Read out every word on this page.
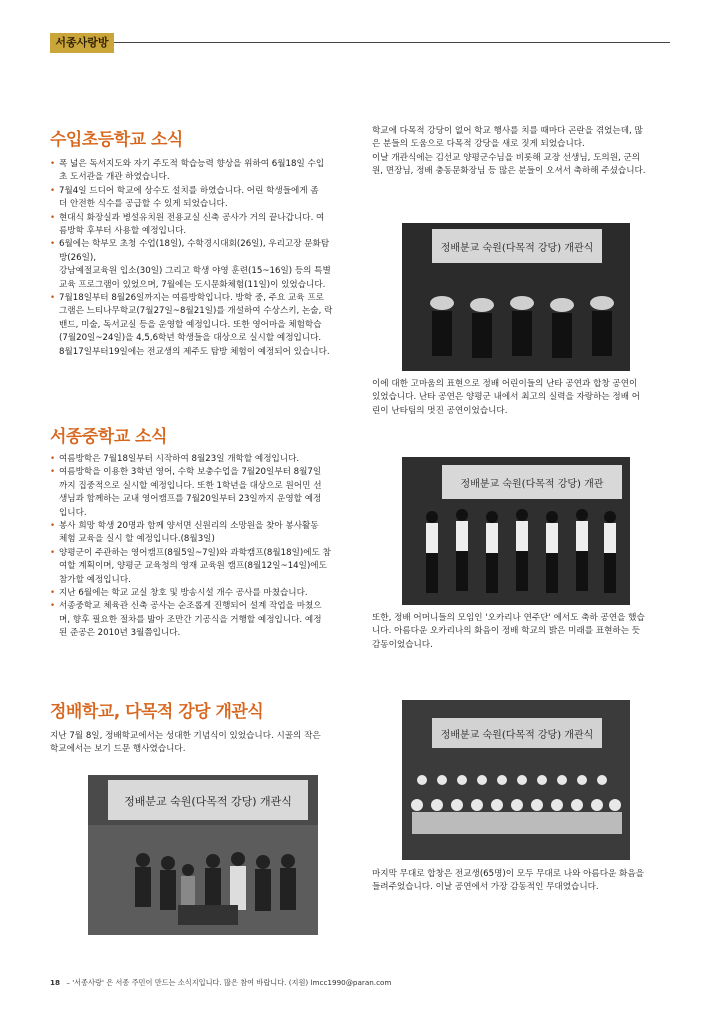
서종사랑방
수입초등학교 소식
• 폭 넓은 독서지도와 자기 주도적 학습능력 향상을 위하여 6월18일 수입
초 도서관을 개관 하였습니다.
• 7월4일 드디어 학교에 상수도 설치를 하였습니다. 어린 학생들에게 좀
더 안전한 식수를 공급할 수 있게 되었습니다.
• 현대식 화장실과 병설유치원 전용교실 신축 공사가 거의 끝나갑니다. 여
름방학 후부터 사용할 예정입니다.
• 6월에는 학부모 초청 수업(18일), 수학경시대회(26일), 우리고장 문화탐
방(26일),
강남예절교육원 입소(30일) 그리고 학생 야영 훈련(15~16일) 등의 특별
교육 프로그램이 있었으며, 7월에는 도시문화체험(11일)이 있었습니다.
• 7월18일부터 8월26일까지는 여름방학입니다. 방학 중, 주요 교육 프로
그램은 느티나무학교(7월27일~8월21일)를 개설하여 수상스키, 논술, 락
밴드, 미술, 독서교실 등을 운영할 예정입니다. 또한 영어마을 체험학습
(7월20일~24일)을 4,5,6학년 학생들을 대상으로 실시할 예정입니다.
8월17일부터19일에는 전교생의 제주도 탐방 체험이 예정되어 있습니다.
서종중학교 소식
• 여름방학은 7월18일부터 시작하여 8월23일 개학할 예정입니다.
• 여름방학을 이용한 3학년 영어, 수학 보충수업을 7월20일부터 8월7일
까지 집중적으로 실시할 예정입니다. 또한 1학년을 대상으로 원어민 선
생님과 함께하는 교내 영어캠프를 7월20일부터 23일까지 운영할 예정
입니다.
• 봉사 희망 학생 20명과 함께 양서면 신원리의 소망원을 찾아 봉사활동
체험 교육을 실시 할 예정입니다.(8월3일)
• 양평군이 주관하는 영어캠프(8월5일~7일)와 과학캠프(8월18일)에도 참
여할 계획이며, 양평군 교육청의 영재 교육원 캠프(8월12일~14일)에도
참가할 예정입니다.
• 지난 6월에는 학교 교실 창호 및 방송시설 개수 공사를 마쳤습니다.
• 서종중학교 체육관 신축 공사는 순조롭게 진행되어 설계 작업을 마쳤으
며, 향후 필요한 절차를 밟아 조만간 기공식을 거행할 예정입니다. 예정
된 준공은 2010년 3월쯤입니다.
정배학교, 다목적 강당 개관식

지난 7월 8일, 정배학교에서는 성대한 기념식이 있었습니다. 시골의 작은

학교에서는 보기 드문 행사였습니다.

정배분교 숙원(다목적 강당) 개관식

학교에 다목적 강당이 없어 학교 행사를 치를 때마다 곤란을 겪었는데, 많

은 분들의 도움으로 다목적 강당을 새로 짓게 되었습니다.

이날 개관식에는 김선교 양평군수님을 비롯해 교장 선생님, 도의원, 군의

원, 면장님, 정배 충동문화장님 등 많은 분들이 오셔서 축하해 주셨습니다.

정배분교 숙원(다목적 강당) 개관식

이에 대한 고마움의 표현으로 정배 어린이들의 난타 공연과 합창 공연이

있었습니다. 난타 공연은 양평군 내에서 최고의 실력을 자랑하는 정배 어

린이 난타팀의 멋진 공연이었습니다.

정배분교 숙원(다목적 강당) 개관

또한, 정배 어머니들의 모임인 '오카리나 연주단' 에서도 축하 공연을 했습

니다. 아름다운 오카리나의 화음이 정배 학교의 밝은 미래를 표현하는 듯

감동이었습니다.

정배분교 숙원(다목적 강당) 개관식

마지막 무대로 합창은 전교생(65명)이 모두 무대로 나와 아름다운 화음을

들려주었습니다. 이날 공연에서 가장 감동적인 무대였습니다.

18 – '서종사랑' 은 서종 주민이 만드는 소식지입니다. 많은 참여 바랍니다. (지원) lmcc1990@paran.com
